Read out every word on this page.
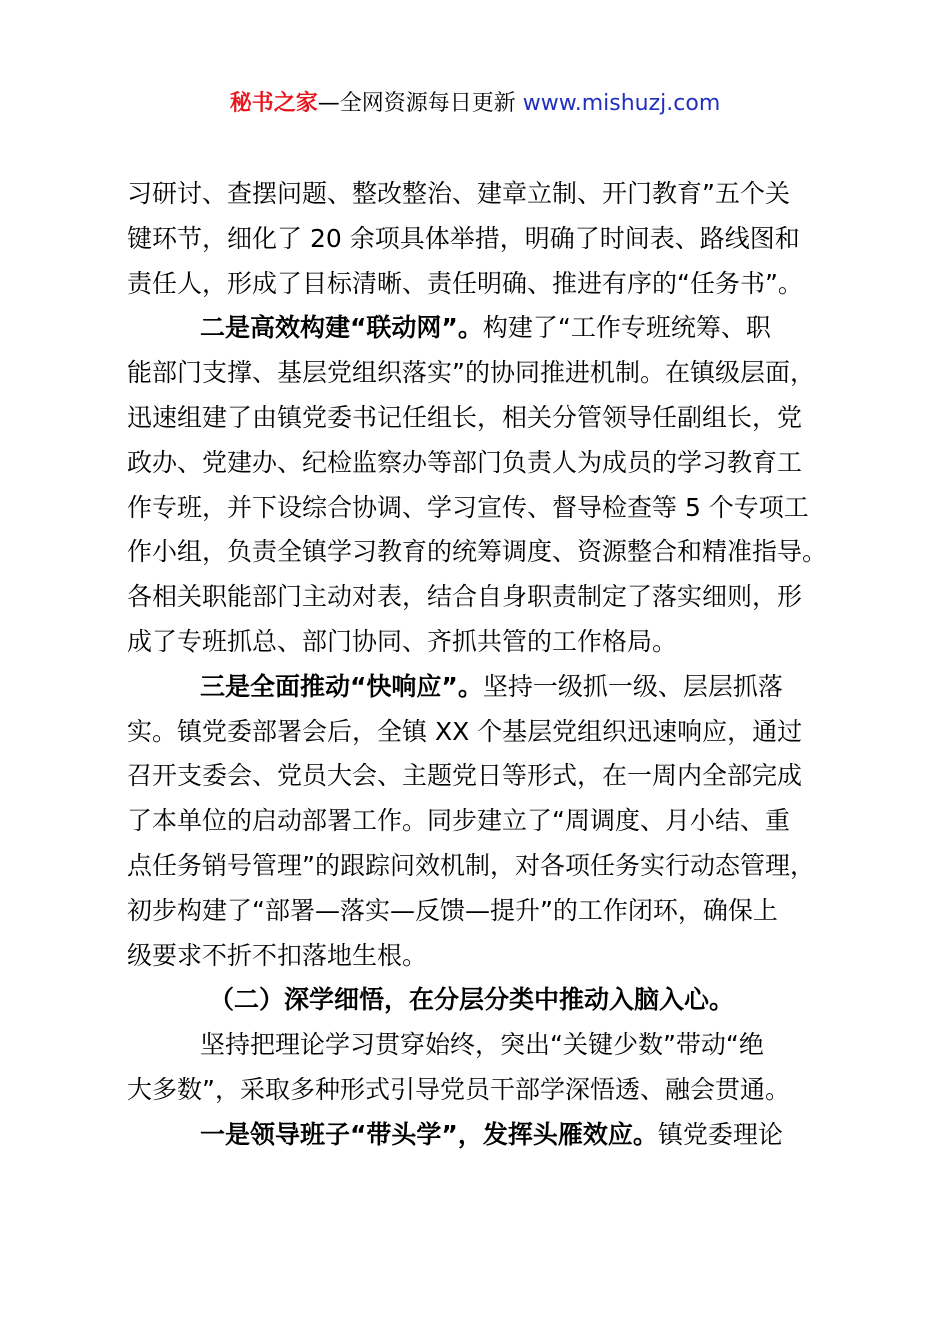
秘书之家—全网资源每日更新 www.mishuzj.com

习研讨、查摆问题、整改整治、建章立制、开门教育”五个关

键环节，细化了 20 余项具体举措，明确了时间表、路线图和

责任人，形成了目标清晰、责任明确、推进有序的“任务书”。

二是高效构建“联动网”。构建了“工作专班统筹、职

能部门支撑、基层党组织落实”的协同推进机制。在镇级层面，

迅速组建了由镇党委书记任组长，相关分管领导任副组长，党

政办、党建办、纪检监察办等部门负责人为成员的学习教育工

作专班，并下设综合协调、学习宣传、督导检查等 5 个专项工

作小组，负责全镇学习教育的统筹调度、资源整合和精准指导。

各相关职能部门主动对表，结合自身职责制定了落实细则，形

成了专班抓总、部门协同、齐抓共管的工作格局。

三是全面推动“快响应”。坚持一级抓一级、层层抓落

实。镇党委部署会后，全镇 XX 个基层党组织迅速响应，通过

召开支委会、党员大会、主题党日等形式，在一周内全部完成

了本单位的启动部署工作。同步建立了“周调度、月小结、重

点任务销号管理”的跟踪问效机制，对各项任务实行动态管理，

初步构建了“部署—落实—反馈—提升”的工作闭环，确保上

级要求不折不扣落地生根。

（二）深学细悟，在分层分类中推动入脑入心。

坚持把理论学习贯穿始终，突出“关键少数”带动“绝

大多数”，采取多种形式引导党员干部学深悟透、融会贯通。

一是领导班子“带头学”，发挥头雁效应。镇党委理论
